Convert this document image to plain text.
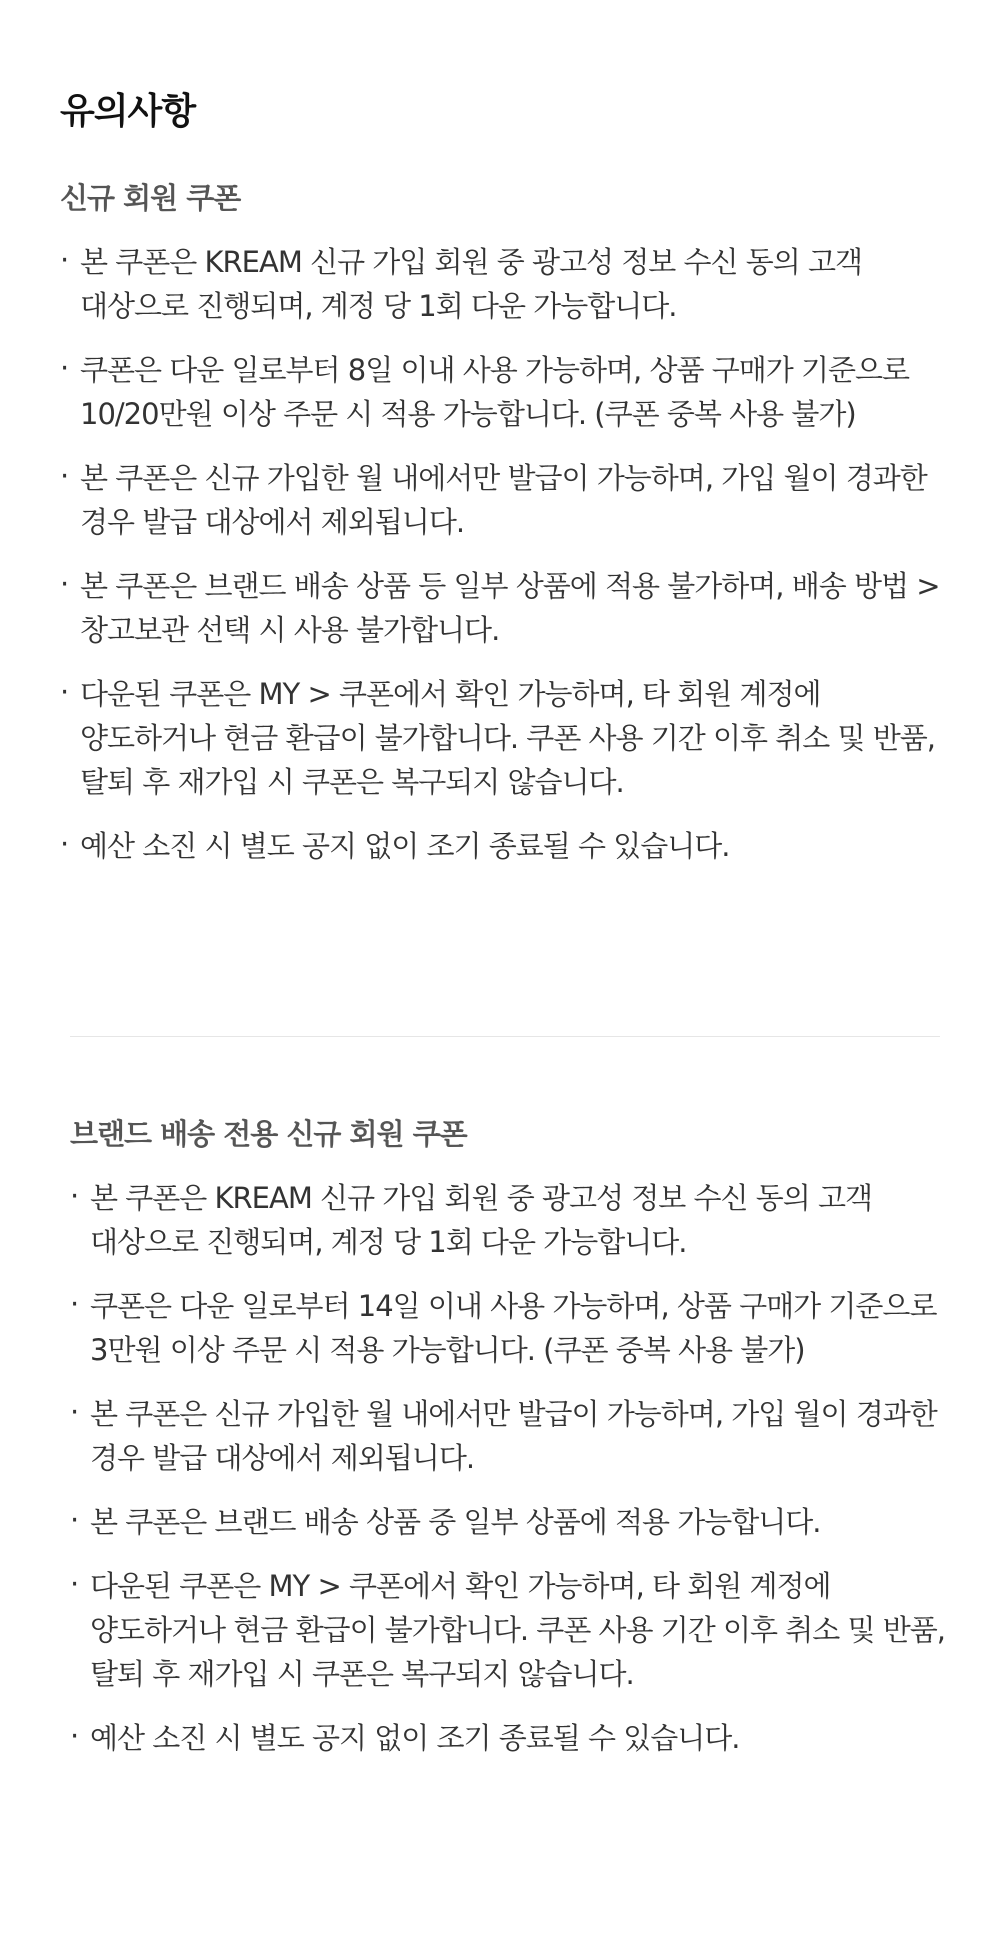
유의사항
신규 회원 쿠폰
· 본 쿠폰은 KREAM 신규 가입 회원 중 광고성 정보 수신 동의 고객 대상으로 진행되며, 계정 당 1회 다운 가능합니다.
· 쿠폰은 다운 일로부터 8일 이내 사용 가능하며, 상품 구매가 기준으로 10/20만원 이상 주문 시 적용 가능합니다. (쿠폰 중복 사용 불가)
· 본 쿠폰은 신규 가입한 월 내에서만 발급이 가능하며, 가입 월이 경과한 경우 발급 대상에서 제외됩니다.
· 본 쿠폰은 브랜드 배송 상품 등 일부 상품에 적용 불가하며, 배송 방법 > 창고보관 선택 시 사용 불가합니다.
· 다운된 쿠폰은 MY > 쿠폰에서 확인 가능하며, 타 회원 계정에 양도하거나 현금 환급이 불가합니다. 쿠폰 사용 기간 이후 취소 및 반품, 탈퇴 후 재가입 시 쿠폰은 복구되지 않습니다.
· 예산 소진 시 별도 공지 없이 조기 종료될 수 있습니다.
브랜드 배송 전용 신규 회원 쿠폰
· 본 쿠폰은 KREAM 신규 가입 회원 중 광고성 정보 수신 동의 고객 대상으로 진행되며, 계정 당 1회 다운 가능합니다.
· 쿠폰은 다운 일로부터 14일 이내 사용 가능하며, 상품 구매가 기준으로 3만원 이상 주문 시 적용 가능합니다. (쿠폰 중복 사용 불가)
· 본 쿠폰은 신규 가입한 월 내에서만 발급이 가능하며, 가입 월이 경과한 경우 발급 대상에서 제외됩니다.
· 본 쿠폰은 브랜드 배송 상품 중 일부 상품에 적용 가능합니다.
· 다운된 쿠폰은 MY > 쿠폰에서 확인 가능하며, 타 회원 계정에 양도하거나 현금 환급이 불가합니다. 쿠폰 사용 기간 이후 취소 및 반품, 탈퇴 후 재가입 시 쿠폰은 복구되지 않습니다.
· 예산 소진 시 별도 공지 없이 조기 종료될 수 있습니다.
